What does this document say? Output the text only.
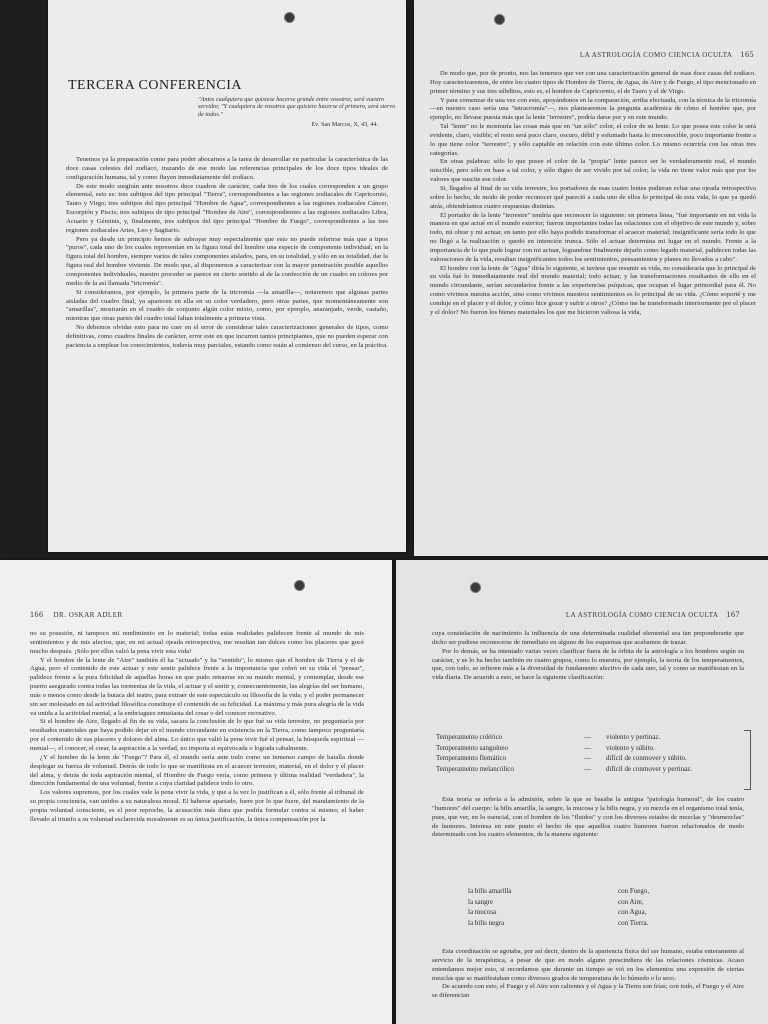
TERCERA CONFERENCIA
"Antes cualquiera que quisiese hacerse grande entre vosotros, será vuestro servidor, "Y cualquiera de vosotros que quisiere hacerse el primero, será siervo de todos."
Ev. San Marcos, X, 43, 44.

Tenemos ya la preparación como para poder abocarnos a la tarea de desarrollar en particular la característica de las doce casas celestes del zodíaco, trazando de ese modo las referencias principales de los doce tipos ideales de configuración humana, tal y como fluyen inmediatamente del zodíaco.

De este modo surgirán ante nosotros doce cuadros de carácter, cada tres de los cuales corresponden a un grupo elemental, esto es: tres subtipos del tipo principal "Tierra", correspondientes a las regiones zodiacales de Capricornio, Tauro y Virgo; tres subtipos del tipo principal "Hombre de Agua", correspondientes a las regiones zodiacales Cáncer, Escorpión y Piscis; tres subtipos de tipo principal "Hombre de Aire", correspondientes a las regiones zodiacales Libra, Acuario y Géminis, y, finalmente, tres subtipos del tipo principal "Hombre de Fuego", correspondientes a las tres regiones zodiacales Aries, Leo y Sagitario.

Pero ya desde un principio hemos de subrayar muy especialmente que esto no puede referirse más que a tipos "puros", cada uno de los cuales representan en la figura total del hombre una especie de componente individual; en la figura total del hombre, siempre varios de tales componentes aislados, para, en su totalidad, y sólo en su totalidad, dar la figura real del hombre viviente. De modo que, al disponernos a caracterizar con la mayor penetración posible aquellos componentes individuales, nuestro proceder se parece en cierto sentido al de la confección de un cuadro en colores por medio de la así llamada "tricromía".

Si consideramos, por ejemplo, la primera parte de la tricromía —la amarilla—, notaremos que algunas partes aisladas del cuadro final, ya aparecen en ella en su color verdadero, pero otras partes, que momentáneamente son "amarillas", mostrarán en el cuadro de conjunto algún color mixto, como, por ejemplo, anaranjado, verde, castaño, mientras que otras partes del cuadro total faltan totalmente a primera vista.

No debemos olvidar esto para no caer en el error de considerar tales caracterizaciones generales de tipos, como definitivas, como cuadros finales de carácter, error este en que incurren tantos principiantes, que no pueden esperar con paciencia a emplear los conocimientos, todavía muy parciales, estando como están al comienzo del curso, en la práctica.

LA ASTROLOGÍA COMO CIENCIA OCULTA 165

De modo que, por de pronto, nos las tenemos que ver con una caracterización general de esas doce casas del zodíaco. Hoy caracterizaremos, de entre los cuatro tipos de Hombre de Tierra, de Agua, de Aire y de Fuego, el tipo mencionado en primer término y sus tres súbditos, esto es, el hombre de Capricornio, el de Tauro y el de Virgo.

Y para comenzar de una vez con esto, apoyándonos en la comparación, arriba efectuada, con la técnica de la tricromía —en nuestro caso sería una "tetracromía"—, nos plantearemos la pregunta académica de cómo el hombre que, por ejemplo, no llevase puesta más que la lente "terrestre", podría darse por y en este mundo.

Tal "lente" no le mostraría las cosas más que en "un sólo" color, el color de su lente. Lo que posea este color le será evidente, claro, visible; el resto será poco claro, oscuro, débil y esfumado hasta lo irreconocible, poco importante frente a lo que tiene color "terrestre", y sólo captable en relación con este último color. Lo mismo ocurriría con las otras tres categorías.

En otras palabras: sólo lo que posee el color de la "propia" lente parece ser lo verdaderamente real, el mundo miscible, pero sólo en base a tal color, y sólo digno de ser vivido por tal color; la vida no tiene valor más que por los valores que suscite ese color.

Si, llegados al final de su vida terrestre, los portadores de esas cuatro lentes pudieran echar una ojeada retrospectiva sobre lo hecho, de modo de poder reconocer qué pareció a cada uno de ellos lo principal de esta vida, lo que ya quedó atrás, obtendríamos cuatro respuestas distintas.

El portador de la lente "terrestre" tendría que reconocer lo siguiente: en primera línea, "fué importante en mi vida la manera en que actué en el mundo exterior; fueron importantes todas las relaciones con el objetivo de este mundo y, sobre todo, mi obrar y mi actuar, en tanto por ello haya podido transformar el acaecer material; insignificante sería todo lo que no llegó a la realización o quedó en intención trunca. Sólo el actuar determina mi lugar en el mundo. Frente a la importancia de lo que pude lograr con mi actuar, lograndose finalmente dejarlo como legado material, palidecen todas las valoraciones de la vida, resultan insignificantes todos los sentimientos, pensamientos y planes no llevados a cabo".

El hombre con la lente de "Agua" diría lo siguiente, si tuviese que resumir su vida, no consideraría que lo principal de su vida fué lo inmediatamente real del mundo material; todo actuar, y las transformaciones resultantes de ello en el mundo circundante, serían secundarios frente a las experiencias psíquicas, que ocupan el lugar primordial para él. No como vivimos nuestra acción, sino como vivimos nuestros sentimientos es lo principal de su vida. ¿Cómo soporté y me conduje en el placer y el dolor, y cómo hice gozar y sufrir a otros? ¿Cómo me he transformado interiormente por el placer y el dolor? No fueron los bienes materiales los que me hicieron valiosa la vida,

166 DR. OSKAR ADLER

no su posesión, ni tampoco mi rendimiento en lo material; todas estas realidades palidecen frente al mundo de mis sentimientos y de mis afectos, que, en mi actual ojeada retrospectiva, me resultan tan dulces como los placeres que gocé mucho después. ¡Sólo por ellos valió la pena vivir esta vida!

Y el hombre de la lente de "Aire" también él ha "actuado" y ha "sentido", lo mismo que el hombre de Tierra y el de Agua, pero el contenido de este actuar y este sentir palidece frente a la importancia que cobró en su vida el "pensar", palidece frente a la pura felicidad de aquellas horas en que pudo retraerse en su mundo mental, y contemplar, desde ese puerto asegurado contra todas las tormentas de la vida, el actuar y el sentir y, consecuentemente, las alegrías del ser humano, más o menos como desde la butaca del teatro, para extraer de este espectáculo su filosofía de la vida; y el poder permanecer sin ser molestado en tal actividad filosófica constituye el contenido de su felicidad. La máxima y más pura alegría de la vida va unida a la actividad mental, a la embriaguez entusiasta del crear o del conocer recreativo.

Si el hombre de Aire, llegado al fin de su vida, sacara la conclusión de lo que fué su vida terrestre, no preguntaría por resultados materiales que haya podido dejar en el mundo circundante en existencia en la Tierra, como tampoco preguntaría por el contenido de sus placeres y dolores del alma. Lo único que valió la pena vivir fué el pensar, la búsqueda espiritual —mental—, el conocer, el crear, la aspiración a la verdad, no importa si equivocada o lograda cabalmente.

¿Y el hombre de la lente de "Fuego"? Para él, el mundo sería ante todo como un inmenso campo de batalla donde desplegar su fuerza de voluntad. Detrás de todo lo que se manifiesta en el acaecer terrestre, material, en el dolor y el placer del alma, y detrás de toda aspiración mental, el Hombre de Fuego vería, como primera y última realidad "verdadera", la dirección fundamental de una voluntad, frente a cuya claridad palidece todo lo otro.

Los valores supremos, por los cuales vale la pena vivir la vida, y que a la vez lo justifican a él, sólo frente al tribunal de su propia conciencia, van unidos a su naturaleza moral. El haberse apartado, fuere por lo que fuere, del mandamiento de la propia voluntad consciente, es el peor reproche, la acusación más dura que podría formular contra sí mismo; el haber llevado al triunfo a su voluntad esclarecida moralmente es su única justificación, la única compensación por la

LA ASTROLOGÍA COMO CIENCIA OCULTA 167

cuya constelación de nacimiento la influencia de una determinada cualidad elemental sea tan preponderante que dicho ser pudiese reconocerse de inmediato en alguno de los esquemas que acabamos de trazar.

Por lo demás, se ha intentado varias veces clasificar fuera de la órbita de la astrología a los hombres según su carácter, y se lo ha hecho también en cuatro grupos, como lo muestra, por ejemplo, la teoría de los temperamentos, que, con todo, se refieren más a la diversidad de fundamento afectivo de cada uno, tal y como se manifiestan en la vida diaria. De acuerdo a esto, se hace la siguiente clasificación:

Temperamento colérico	—	violento y pertinaz.
Temperamento sanguíneo	—	violento y súbito.
Temperamento flemático	—	difícil de conmover y súbito.
Temperamento melancólico	—	difícil de conmover y pertinaz.

Esta teoría se refería a la admisión, sobre la que se basaba la antigua "patología humoral", de los cuatro "humores" del cuerpo: la bilis amarilla, la sangre, la mucosa y la bilis negra, y su mezcla en el organismo total tenía, pues, que ver, en lo esencial, con el hombre de los "fluidos" y con los diversos estados de mezclas y "desmezclas" de humores. Interesa en este punto el hecho de que aquellos cuatro humores fueron relacionados de modo determinado con los cuatro elementos, de la manera siguiente:

la bilis amarilla	con Fuego,
la sangre	con Aire,
la mucosa	con Agua,
la bilis negra	con Tierra.

Esta coordinación se agotaba, por así decir, dentro de la apariencia física del ser humano, estaba enteramente al servicio de la terapéutica, a pesar de que en modo alguno prescindiera de las relaciones cósmicas. Acaso entendamos mejor esto, si recordamos que durante un tiempo se vió en los elementos una expresión de ciertas mezclas que se manifestaban como diversos grados de temperatura de lo húmedo o lo seco.

De acuerdo con esto, el Fuego y el Aire son calientes y el Agua y la Tierra son frías; con todo, el Fuego y el Aire se diferencian
